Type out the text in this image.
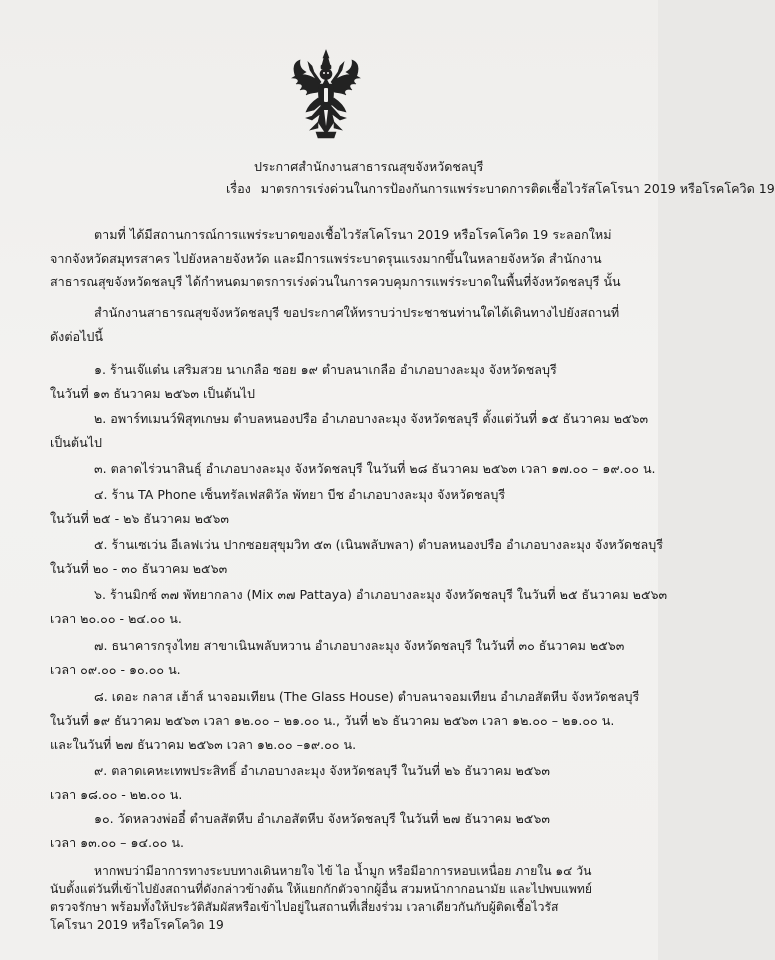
ประกาศสำนักงานสาธารณสุขจังหวัดชลบุรี
เรื่อง มาตรการเร่งด่วนในการป้องกันการแพร่ระบาดการติดเชื้อไวรัสโคโรนา 2019 หรือโรคโควิด 19
ตามที่ ได้มีสถานการณ์การแพร่ระบาดของเชื้อไวรัสโคโรนา 2019 หรือโรคโควิด 19 ระลอกใหม่
จากจังหวัดสมุทรสาคร ไปยังหลายจังหวัด และมีการแพร่ระบาดรุนแรงมากขึ้นในหลายจังหวัด สำนักงาน
สาธารณสุขจังหวัดชลบุรี ได้กำหนดมาตรการเร่งด่วนในการควบคุมการแพร่ระบาดในพื้นที่จังหวัดชลบุรี นั้น
สำนักงานสาธารณสุขจังหวัดชลบุรี ขอประกาศให้ทราบว่าประชาชนท่านใดได้เดินทางไปยังสถานที่
ดังต่อไปนี้
๑. ร้านเจ๊แต๋น เสริมสวย นาเกลือ ซอย ๑๙ ตำบลนาเกลือ อำเภอบางละมุง จังหวัดชลบุรี
ในวันที่ ๑๓ ธันวาคม ๒๕๖๓ เป็นต้นไป
๒. อพาร์ทเมนว์พิสุทเกษม ตำบลหนองปรือ อำเภอบางละมุง จังหวัดชลบุรี ตั้งแต่วันที่ ๑๕ ธันวาคม ๒๕๖๓
เป็นต้นไป
๓. ตลาดไร่วนาสินธุ์ อำเภอบางละมุง จังหวัดชลบุรี ในวันที่ ๒๘ ธันวาคม ๒๕๖๓ เวลา ๑๗.๐๐ – ๑๙.๐๐ น.
๔. ร้าน TA Phone เซ็นทรัลเฟสติวัล พัทยา บีช อำเภอบางละมุง จังหวัดชลบุรี
ในวันที่ ๒๕ - ๒๖ ธันวาคม ๒๕๖๓
๕. ร้านเซเว่น อีเลฟเว่น ปากซอยสุขุมวิท ๕๓ (เนินพลับพลา) ตำบลหนองปรือ อำเภอบางละมุง จังหวัดชลบุรี
ในวันที่ ๒๐ - ๓๐ ธันวาคม ๒๕๖๓
๖. ร้านมิกซ์ ๓๗ พัทยากลาง (Mix ๓๗ Pattaya) อำเภอบางละมุง จังหวัดชลบุรี ในวันที่ ๒๕ ธันวาคม ๒๕๖๓
เวลา ๒๐.๐๐ - ๒๔.๐๐ น.
๗. ธนาคารกรุงไทย สาขาเนินพลับหวาน อำเภอบางละมุง จังหวัดชลบุรี ในวันที่ ๓๐ ธันวาคม ๒๕๖๓
เวลา ๐๙.๐๐ - ๑๐.๐๐ น.
๘. เดอะ กลาส เฮ้าส์ นาจอมเทียน (The Glass House) ตำบลนาจอมเทียน อำเภอสัตหีบ จังหวัดชลบุรี
ในวันที่ ๑๙ ธันวาคม ๒๕๖๓ เวลา ๑๒.๐๐ – ๒๑.๐๐ น., วันที่ ๒๖ ธันวาคม ๒๕๖๓ เวลา ๑๒.๐๐ – ๒๑.๐๐ น.
และในวันที่ ๒๗ ธันวาคม ๒๕๖๓ เวลา ๑๒.๐๐ –๑๙.๐๐ น.
๙. ตลาดเคหะเทพประสิทธิ์ อำเภอบางละมุง จังหวัดชลบุรี ในวันที่ ๒๖ ธันวาคม ๒๕๖๓
เวลา ๑๘.๐๐ - ๒๒.๐๐ น.
๑๐. วัดหลวงพ่ออี๋ ตำบลสัตหีบ อำเภอสัตหีบ จังหวัดชลบุรี ในวันที่ ๒๗ ธันวาคม ๒๕๖๓
เวลา ๑๓.๐๐ – ๑๔.๐๐ น.
หากพบว่ามีอาการทางระบบทางเดินหายใจ ไข้ ไอ น้ำมูก หรือมีอาการหอบเหนื่อย ภายใน ๑๔ วัน
นับตั้งแต่วันที่เข้าไปยังสถานที่ดังกล่าวข้างต้น ให้แยกกักตัวจากผู้อื่น สวมหน้ากากอนามัย และไปพบแพทย์
ตรวจรักษา พร้อมทั้งให้ประวัติสัมผัสหรือเข้าไปอยู่ในสถานที่เสี่ยงร่วม เวลาเดียวกันกับผู้ติดเชื้อไวรัส
โคโรนา 2019 หรือโรคโควิด 19
